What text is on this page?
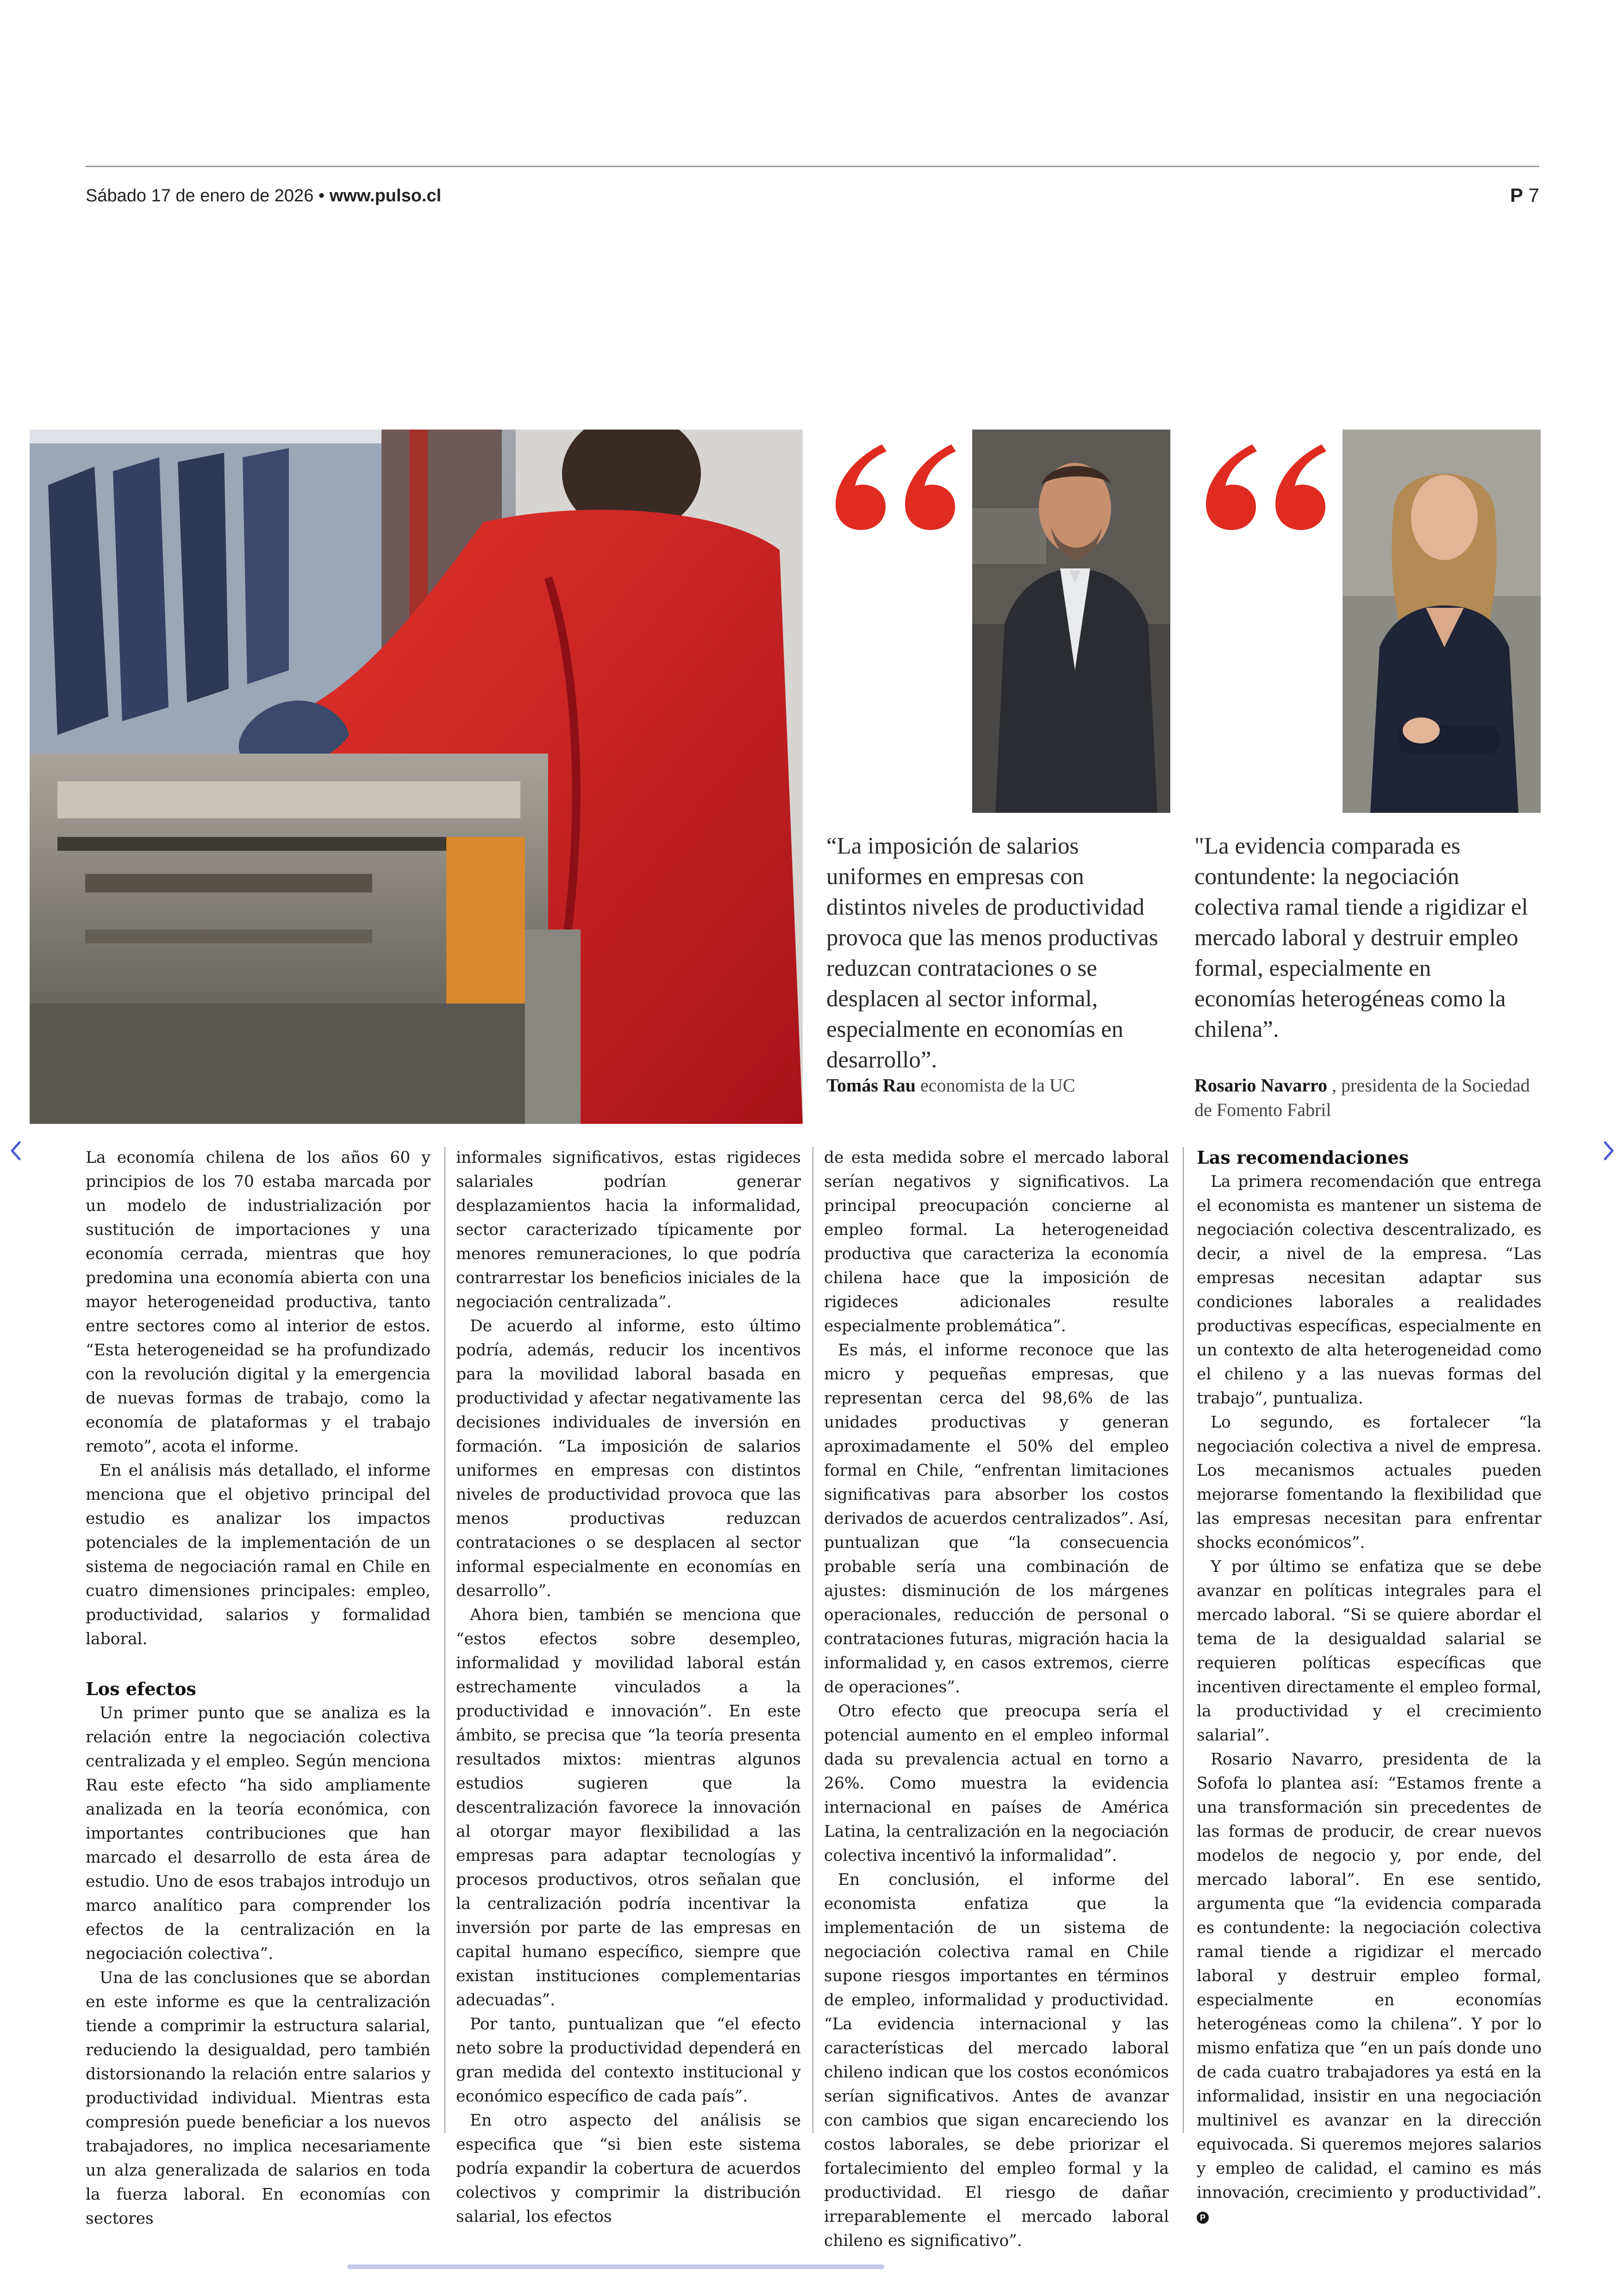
Sábado 17 de enero de 2026 • www.pulso.cl	P 7
“La imposición de salarios uniformes en empresas con distintos niveles de productividad provoca que las menos productivas reduzcan contrataciones o se desplacen al sector informal, especialmente en economías en desarrollo”.
Tomás Rau economista de la UC
"La evidencia comparada es contundente: la negociación colectiva ramal tiende a rigidizar el mercado laboral y destruir empleo formal, especialmente en economías heterogéneas como la chilena”.
Rosario Navarro , presidenta de la Sociedad de Fomento Fabril

La economía chilena de los años 60 y principios de los 70 estaba marcada por un modelo de industrialización por sustitución de importaciones y una economía cerrada, mientras que hoy predomina una economía abierta con una mayor heterogeneidad productiva, tanto entre sectores como al interior de estos. “Esta heterogeneidad se ha profundizado con la revolución digital y la emergencia de nuevas formas de trabajo, como la economía de plataformas y el trabajo remoto”, acota el informe.

En el análisis más detallado, el informe menciona que el objetivo principal del estudio es analizar los impactos potenciales de la implementación de un sistema de negociación ramal en Chile en cuatro dimensiones principales: empleo, productividad, salarios y formalidad laboral.

Los efectos

Un primer punto que se analiza es la relación entre la negociación colectiva centralizada y el empleo. Según menciona Rau este efecto “ha sido ampliamente analizada en la teoría económica, con importantes contribuciones que han marcado el desarrollo de esta área de estudio. Uno de esos trabajos introdujo un marco analítico para comprender los efectos de la centralización en la negociación colectiva”.

Una de las conclusiones que se abordan en este informe es que la centralización tiende a comprimir la estructura salarial, reduciendo la desigualdad, pero también distorsionando la relación entre salarios y productividad individual. Mientras esta compresión puede beneficiar a los nuevos trabajadores, no implica necesariamente un alza generalizada de salarios en toda la fuerza laboral. En economías con sectores

informales significativos, estas rigideces salariales podrían generar desplazamientos hacia la informalidad, sector caracterizado típicamente por menores remuneraciones, lo que podría contrarrestar los beneficios iniciales de la negociación centralizada”.

De acuerdo al informe, esto último podría, además, reducir los incentivos para la movilidad laboral basada en productividad y afectar negativamente las decisiones individuales de inversión en formación. “La imposición de salarios uniformes en empresas con distintos niveles de productividad provoca que las menos productivas reduzcan contrataciones o se desplacen al sector informal especialmente en economías en desarrollo”.

Ahora bien, también se menciona que “estos efectos sobre desempleo, informalidad y movilidad laboral están estrechamente vinculados a la productividad e innovación”. En este ámbito, se precisa que “la teoría presenta resultados mixtos: mientras algunos estudios sugieren que la descentralización favorece la innovación al otorgar mayor flexibilidad a las empresas para adaptar tecnologías y procesos productivos, otros señalan que la centralización podría incentivar la inversión por parte de las empresas en capital humano específico, siempre que existan instituciones complementarias adecuadas”.

Por tanto, puntualizan que “el efecto neto sobre la productividad dependerá en gran medida del contexto institucional y económico específico de cada país”.

En otro aspecto del análisis se especifica que “si bien este sistema podría expandir la cobertura de acuerdos colectivos y comprimir la distribución salarial, los efectos

de esta medida sobre el mercado laboral serían negativos y significativos. La principal preocupación concierne al empleo formal. La heterogeneidad productiva que caracteriza la economía chilena hace que la imposición de rigideces adicionales resulte especialmente problemática”.

Es más, el informe reconoce que las micro y pequeñas empresas, que representan cerca del 98,6% de las unidades productivas y generan aproximadamente el 50% del empleo formal en Chile, “enfrentan limitaciones significativas para absorber los costos derivados de acuerdos centralizados”. Así, puntualizan que “la consecuencia probable sería una combinación de ajustes: disminución de los márgenes operacionales, reducción de personal o contrataciones futuras, migración hacia la informalidad y, en casos extremos, cierre de operaciones”.

Otro efecto que preocupa sería el potencial aumento en el empleo informal dada su prevalencia actual en torno a 26%. Como muestra la evidencia internacional en países de América Latina, la centralización en la negociación colectiva incentivó la informalidad”.

En conclusión, el informe del economista enfatiza que la implementación de un sistema de negociación colectiva ramal en Chile supone riesgos importantes en términos de empleo, informalidad y productividad. “La evidencia internacional y las características del mercado laboral chileno indican que los costos económicos serían significativos. Antes de avanzar con cambios que sigan encareciendo los costos laborales, se debe priorizar el fortalecimiento del empleo formal y la productividad. El riesgo de dañar irreparablemente el mercado laboral chileno es significativo”.

Las recomendaciones

La primera recomendación que entrega el economista es mantener un sistema de negociación colectiva descentralizado, es decir, a nivel de la empresa. “Las empresas necesitan adaptar sus condiciones laborales a realidades productivas específicas, especialmente en un contexto de alta heterogeneidad como el chileno y a las nuevas formas del trabajo”, puntualiza.

Lo segundo, es fortalecer “la negociación colectiva a nivel de empresa. Los mecanismos actuales pueden mejorarse fomentando la flexibilidad que las empresas necesitan para enfrentar shocks económicos”.

Y por último se enfatiza que se debe avanzar en políticas integrales para el mercado laboral. “Si se quiere abordar el tema de la desigualdad salarial se requieren políticas específicas que incentiven directamente el empleo formal, la productividad y el crecimiento salarial”.

Rosario Navarro, presidenta de la Sofofa lo plantea así: “Estamos frente a una transformación sin precedentes de las formas de producir, de crear nuevos modelos de negocio y, por ende, del mercado laboral”. En ese sentido, argumenta que “la evidencia comparada es contundente: la negociación colectiva ramal tiende a rigidizar el mercado laboral y destruir empleo formal, especialmente en economías heterogéneas como la chilena”. Y por lo mismo enfatiza que “en un país donde uno de cada cuatro trabajadores ya está en la informalidad, insistir en una negociación multinivel es avanzar en la dirección equivocada. Si queremos mejores salarios y empleo de calidad, el camino es más innovación, crecimiento y productividad”.P
